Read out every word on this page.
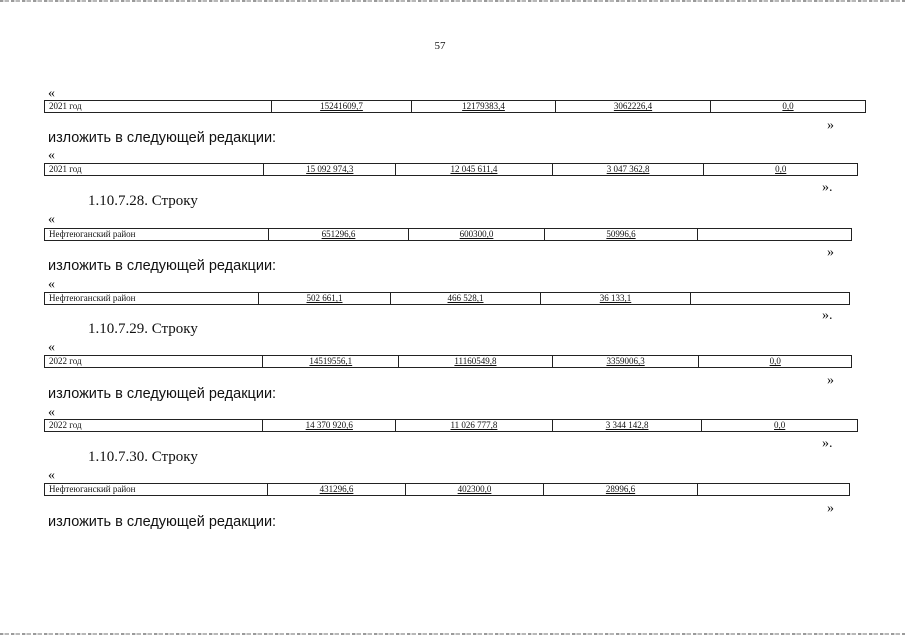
57
«
2021 год	15241609,7	12179383,4	3062226,4	0,0
»
изложить в следующей редакции:
«
2021 год	15 092 974,3	12 045 611,4	3 047 362,8	0,0
».
1.10.7.28. Строку
«
Нефтеюганский район	651296,6	600300,0	50996,6
»
изложить в следующей редакции:
«
Нефтеюганский район	502 661,1	466 528,1	36 133,1
».
1.10.7.29. Строку
«
2022 год	14519556,1	11160549,8	3359006,3	0,0
»
изложить в следующей редакции:
«
2022 год	14 370 920,6	11 026 777,8	3 344 142,8	0,0
».
1.10.7.30. Строку
«
Нефтеюганский район	431296,6	402300,0	28996,6
»
изложить в следующей редакции:
